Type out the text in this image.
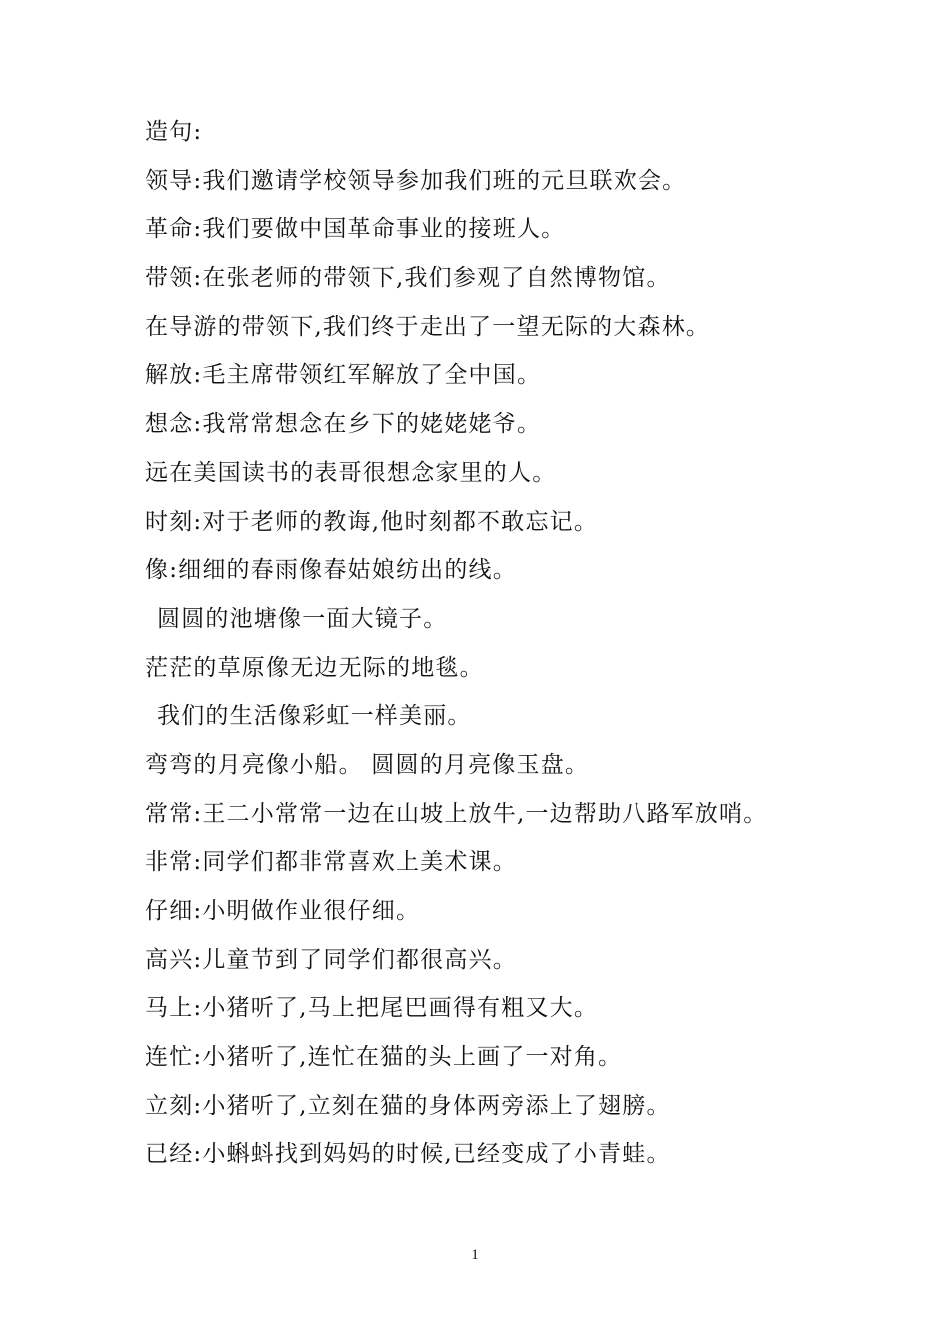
造句:
领导:我们邀请学校领导参加我们班的元旦联欢会。
革命:我们要做中国革命事业的接班人。
带领:在张老师的带领下,我们参观了自然博物馆。
在导游的带领下,我们终于走出了一望无际的大森林。
解放:毛主席带领红军解放了全中国。
想念:我常常想念在乡下的姥姥姥爷。
远在美国读书的表哥很想念家里的人。
时刻:对于老师的教诲,他时刻都不敢忘记。
像:细细的春雨像春姑娘纺出的线。
圆圆的池塘像一面大镜子。
茫茫的草原像无边无际的地毯。
我们的生活像彩虹一样美丽。
弯弯的月亮像小船。 圆圆的月亮像玉盘。
常常:王二小常常一边在山坡上放牛,一边帮助八路军放哨。
非常:同学们都非常喜欢上美术课。
仔细:小明做作业很仔细。
高兴:儿童节到了同学们都很高兴。
马上:小猪听了,马上把尾巴画得有粗又大。
连忙:小猪听了,连忙在猫的头上画了一对角。
立刻:小猪听了,立刻在猫的身体两旁添上了翅膀。
已经:小蝌蚪找到妈妈的时候,已经变成了小青蛙。
1
